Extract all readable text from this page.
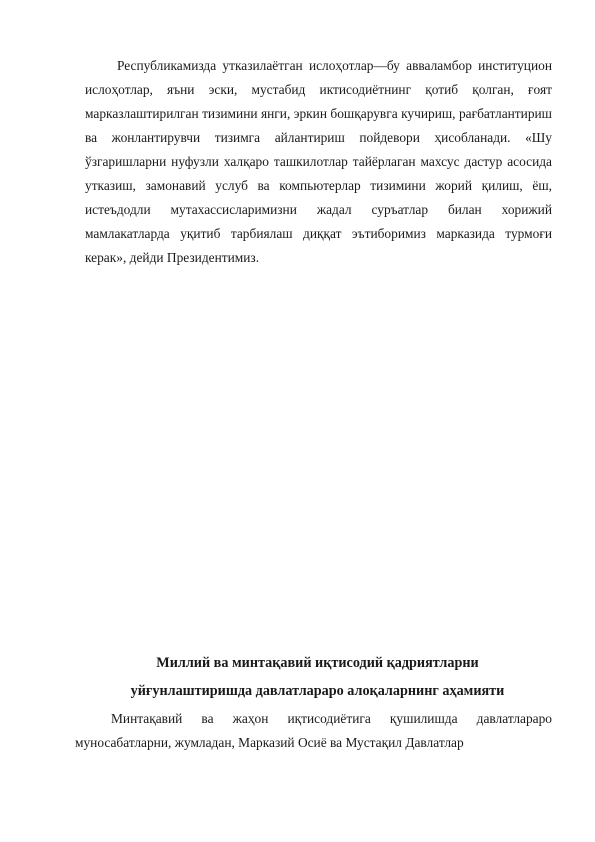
Республикамизда утказилаётган ислоҳотлар—бу авваламбор институцион ислоҳотлар, яъни эски, мустабид иктисодиётнинг қотиб қолган, ғоят марказлаштирилган тизимини янги, эркин бошқарувга кучириш, рағбатлантириш ва жонлантирувчи тизимга айлантириш пойдевори ҳисобланади. «Шу ўзгаришларни нуфузли халқаро ташкилотлар тайёрлаган махсус дастур асосида утказиш, замонавий услуб ва компьютерлар тизимини жорий қилиш, ёш, истеъдодли мутахассисларимизни жадал суръатлар билан хорижий мамлакатларда уқитиб тарбиялаш диққат эътиборимиз марказида турмоғи керак», дейди Президентимиз.

Миллий ва минтақавий иқтисодий қадриятларни

уйғунлаштиришда давлатлараро алоқаларнинг аҳамияти

Минтақавий ва жаҳон иқтисодиётига қушилишда давлатлараро муносабатларни, жумладан, Марказий Осиё ва Мустақил Давлатлар
